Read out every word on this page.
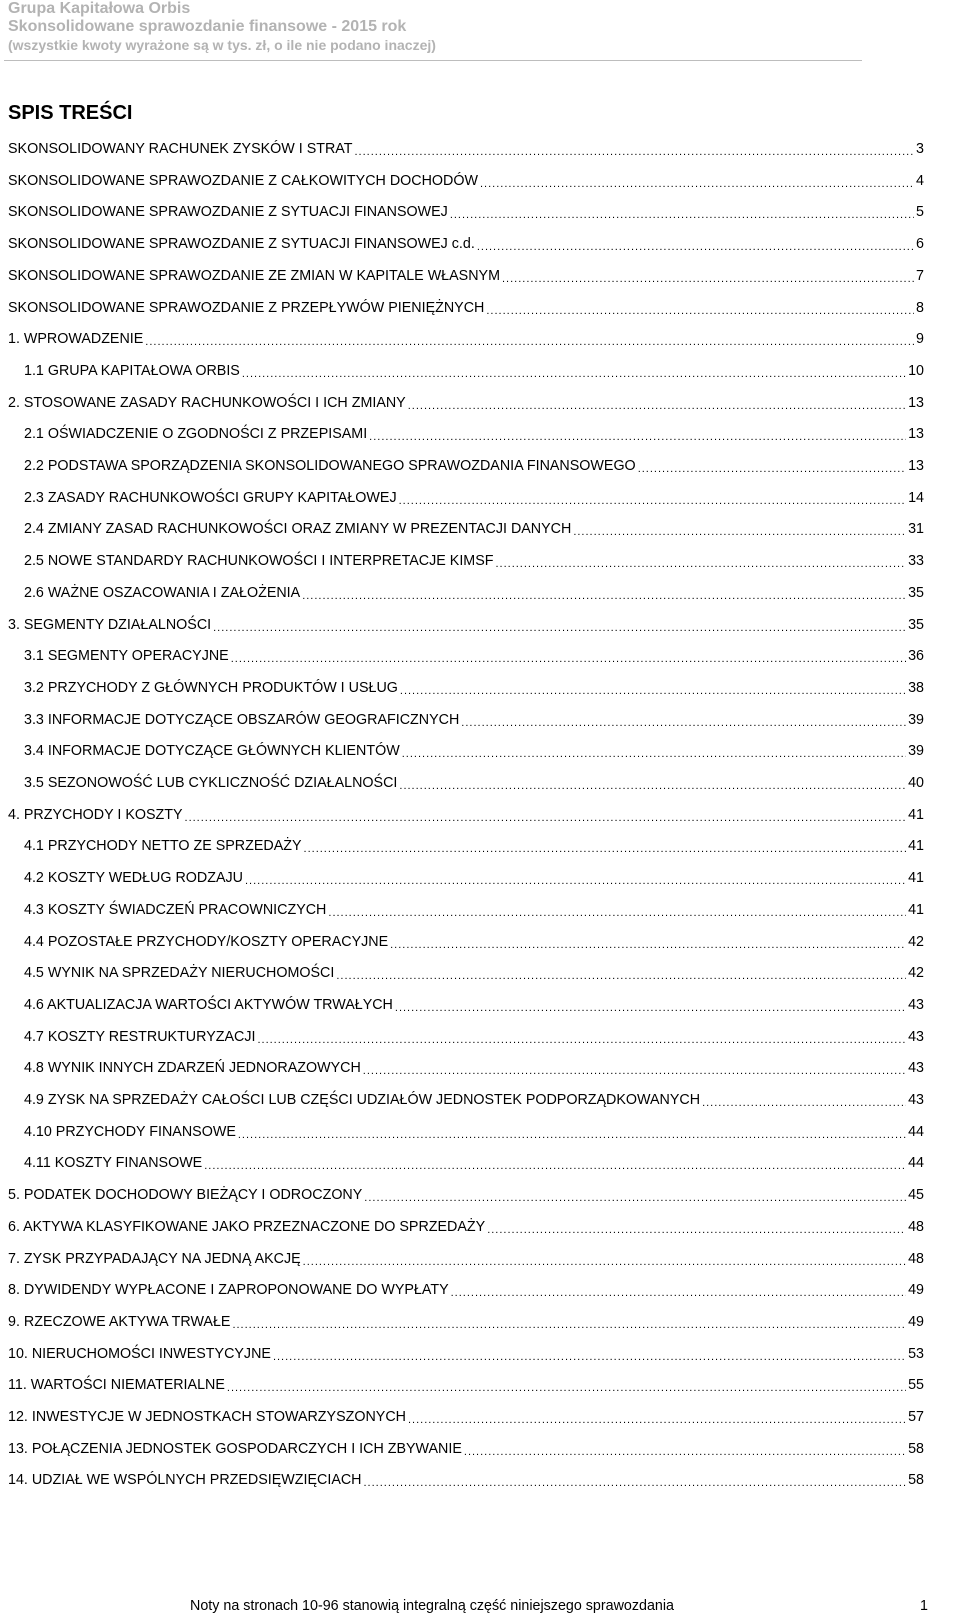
Grupa Kapitałowa Orbis
Skonsolidowane sprawozdanie finansowe - 2015 rok
(wszystkie kwoty wyrażone są w tys. zł, o ile nie podano inaczej)
SPIS TREŚCI
SKONSOLIDOWANY RACHUNEK ZYSKÓW I STRAT .....	3
SKONSOLIDOWANE SPRAWOZDANIE Z CAŁKOWITYCH DOCHODÓW .....	4
SKONSOLIDOWANE SPRAWOZDANIE Z SYTUACJI FINANSOWEJ .....	5
SKONSOLIDOWANE SPRAWOZDANIE Z SYTUACJI FINANSOWEJ c.d. .....	6
SKONSOLIDOWANE SPRAWOZDANIE ZE ZMIAN W KAPITALE WŁASNYM .....	7
SKONSOLIDOWANE SPRAWOZDANIE Z PRZEPŁYWÓW PIENIĘŻNYCH .....	8
1. WPROWADZENIE .....	9
1.1 GRUPA KAPITAŁOWA ORBIS .....	10
2. STOSOWANE ZASADY RACHUNKOWOŚCI I ICH ZMIANY .....	13
2.1 OŚWIADCZENIE O ZGODNOŚCI Z PRZEPISAMI .....	13
2.2 PODSTAWA SPORZĄDZENIA SKONSOLIDOWANEGO SPRAWOZDANIA FINANSOWEGO .....	13
2.3 ZASADY RACHUNKOWOŚCI GRUPY KAPITAŁOWEJ .....	14
2.4 ZMIANY ZASAD RACHUNKOWOŚCI ORAZ ZMIANY W PREZENTACJI DANYCH .....	31
2.5 NOWE STANDARDY RACHUNKOWOŚCI I INTERPRETACJE KIMSF .....	33
2.6 WAŻNE OSZACOWANIA I ZAŁOŻENIA .....	35
3. SEGMENTY DZIAŁALNOŚCI .....	35
3.1 SEGMENTY OPERACYJNE .....	36
3.2 PRZYCHODY Z GŁÓWNYCH PRODUKTÓW I USŁUG .....	38
3.3 INFORMACJE DOTYCZĄCE OBSZARÓW GEOGRAFICZNYCH .....	39
3.4 INFORMACJE DOTYCZĄCE GŁÓWNYCH KLIENTÓW .....	39
3.5 SEZONOWOŚĆ LUB CYKLICZNOŚĆ DZIAŁALNOŚCI .....	40
4. PRZYCHODY I KOSZTY .....	41
4.1 PRZYCHODY NETTO ZE SPRZEDAŻY .....	41
4.2 KOSZTY WEDŁUG RODZAJU .....	41
4.3 KOSZTY ŚWIADCZEŃ PRACOWNICZYCH .....	41
4.4 POZOSTAŁE PRZYCHODY/KOSZTY OPERACYJNE .....	42
4.5 WYNIK NA SPRZEDAŻY NIERUCHOMOŚCI .....	42
4.6 AKTUALIZACJA WARTOŚCI AKTYWÓW TRWAŁYCH .....	43
4.7 KOSZTY RESTRUKTURYZACJI .....	43
4.8 WYNIK INNYCH ZDARZEŃ JEDNORAZOWYCH .....	43
4.9 ZYSK NA SPRZEDAŻY CAŁOŚCI LUB CZĘŚCI UDZIAŁÓW JEDNOSTEK PODPORZĄDKOWANYCH .....	43
4.10 PRZYCHODY FINANSOWE .....	44
4.11 KOSZTY FINANSOWE .....	44
5. PODATEK DOCHODOWY BIEŻĄCY I ODROCZONY .....	45
6. AKTYWA KLASYFIKOWANE JAKO PRZEZNACZONE DO SPRZEDAŻY .....	48
7. ZYSK PRZYPADAJĄCY NA JEDNĄ AKCJĘ .....	48
8. DYWIDENDY WYPŁACONE I ZAPROPONOWANE DO WYPŁATY .....	49
9. RZECZOWE AKTYWA TRWAŁE .....	49
10. NIERUCHOMOŚCI INWESTYCYJNE .....	53
11. WARTOŚCI NIEMATERIALNE .....	55
12. INWESTYCJE W JEDNOSTKACH STOWARZYSZONYCH .....	57
13. POŁĄCZENIA JEDNOSTEK GOSPODARCZYCH I ICH ZBYWANIE .....	58
14. UDZIAŁ WE WSPÓLNYCH PRZEDSIĘWZIĘCIACH .....	58
Noty na stronach 10-96 stanowią integralną część niniejszego sprawozdania	1
